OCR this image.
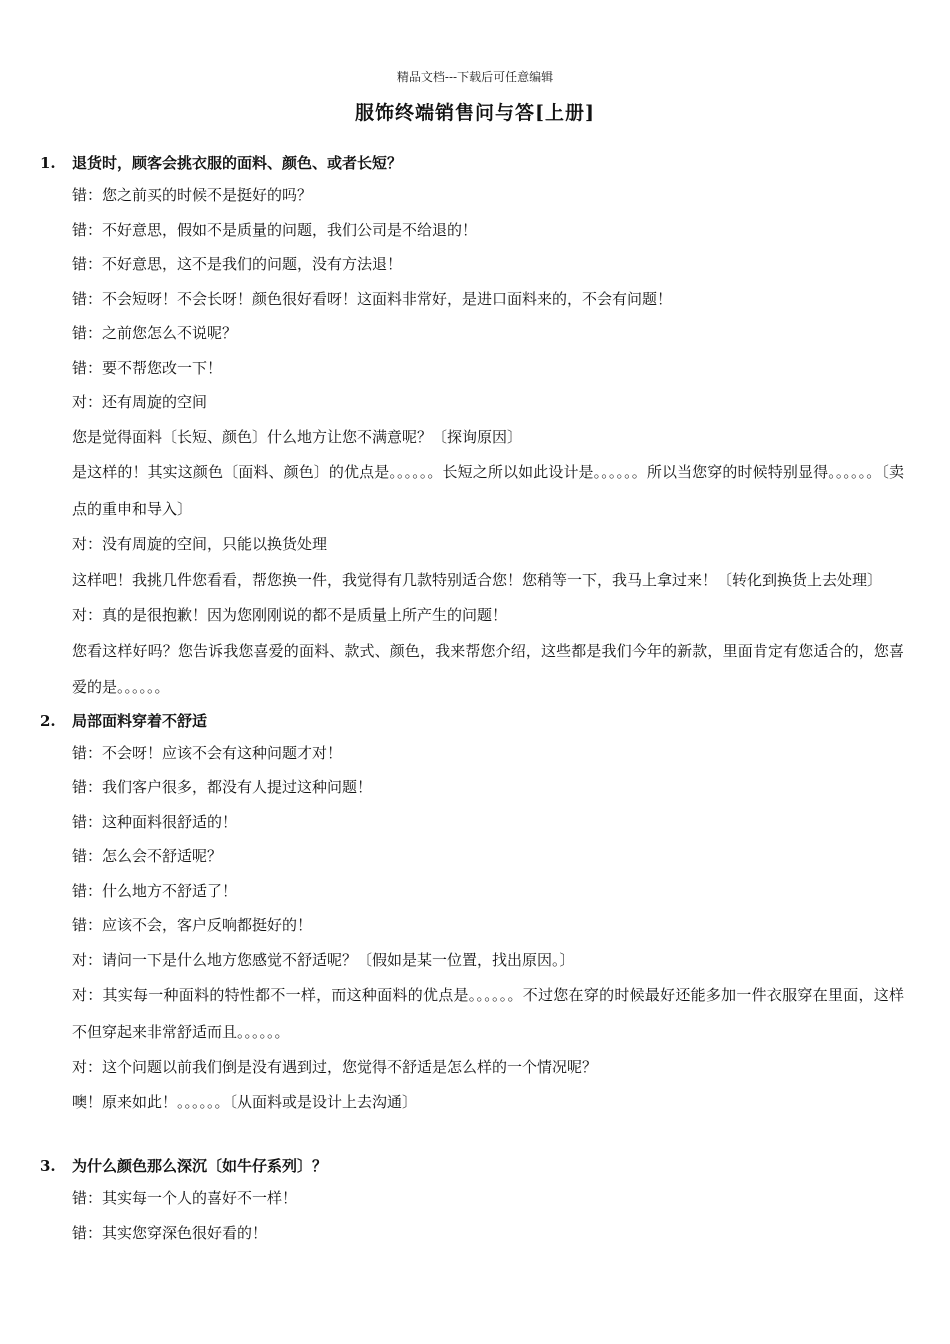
精品文档---下载后可任意编辑
服饰终端销售问与答[上册]
1. 退货时，顾客会挑衣服的面料、颜色、或者长短？
错：您之前买的时候不是挺好的吗？
错：不好意思，假如不是质量的问题，我们公司是不给退的！
错：不好意思，这不是我们的问题，没有方法退！
错：不会短呀！不会长呀！颜色很好看呀！这面料非常好，是进口面料来的，不会有问题！
错：之前您怎么不说呢？
错：要不帮您改一下！
对：还有周旋的空间
您是觉得面料〔长短、颜色〕什么地方让您不满意呢？〔探询原因〕
是这样的！其实这颜色〔面料、颜色〕的优点是。。。。。。长短之所以如此设计是。。。。。。所以当您穿的时候特别显得。。。。。。〔卖点的重申和导入〕
对：没有周旋的空间，只能以换货处理
这样吧！我挑几件您看看，帮您换一件，我觉得有几款特别适合您！您稍等一下，我马上拿过来！〔转化到换货上去处理〕
对：真的是很抱歉！因为您刚刚说的都不是质量上所产生的问题！
您看这样好吗？您告诉我您喜爱的面料、款式、颜色，我来帮您介绍，这些都是我们今年的新款，里面肯定有您适合的，您喜爱的是。。。。。。
2. 局部面料穿着不舒适
错：不会呀！应该不会有这种问题才对！
错：我们客户很多，都没有人提过这种问题！
错：这种面料很舒适的！
错：怎么会不舒适呢？
错：什么地方不舒适了！
错：应该不会，客户反响都挺好的！
对：请问一下是什么地方您感觉不舒适呢？〔假如是某一位置，找出原因。〕
对：其实每一种面料的特性都不一样，而这种面料的优点是。。。。。。不过您在穿的时候最好还能多加一件衣服穿在里面，这样不但穿起来非常舒适而且。。。。。。
对：这个问题以前我们倒是没有遇到过，您觉得不舒适是怎么样的一个情况呢？
噢！原来如此！。。。。。。〔从面料或是设计上去沟通〕
3. 为什么颜色那么深沉〔如牛仔系列〕？
错：其实每一个人的喜好不一样！
错：其实您穿深色很好看的！
